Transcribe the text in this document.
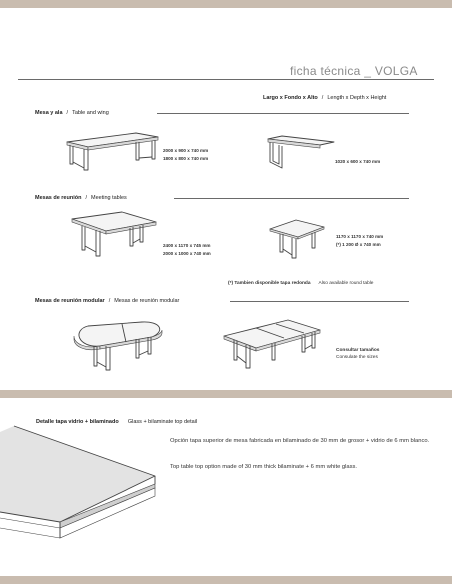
ficha técnica _ VOLGA
Largo x Fondo x Alto / Length x Depth x Height
Mesa y ala / Table and wing
2000 x 900 x 740 mm
1800 x 800 x 740 mm
1020 x 600 x 740 mm
Mesas de reunión / Meeting tables
2400 x 1170 x 745 mm
2000 x 1000 x 740 mm
1170 x 1170 x 740 mm
(*) 1 200 Ø x 740 mm
(*) Tambien disponible tapa redonda Also available round table
Mesas de reunión modular / Mesas de reunión modular
Consultar tamaños
Consulate the sizes
Detalle tapa vidrio + bilaminado Glass + bilaminate top detail
Opción tapa superior de mesa fabricada en bilaminado de 30 mm de grosor + vidrio de 6 mm blanco.
Top table top option made of 30 mm thick bilaminate + 6 mm white glass.
